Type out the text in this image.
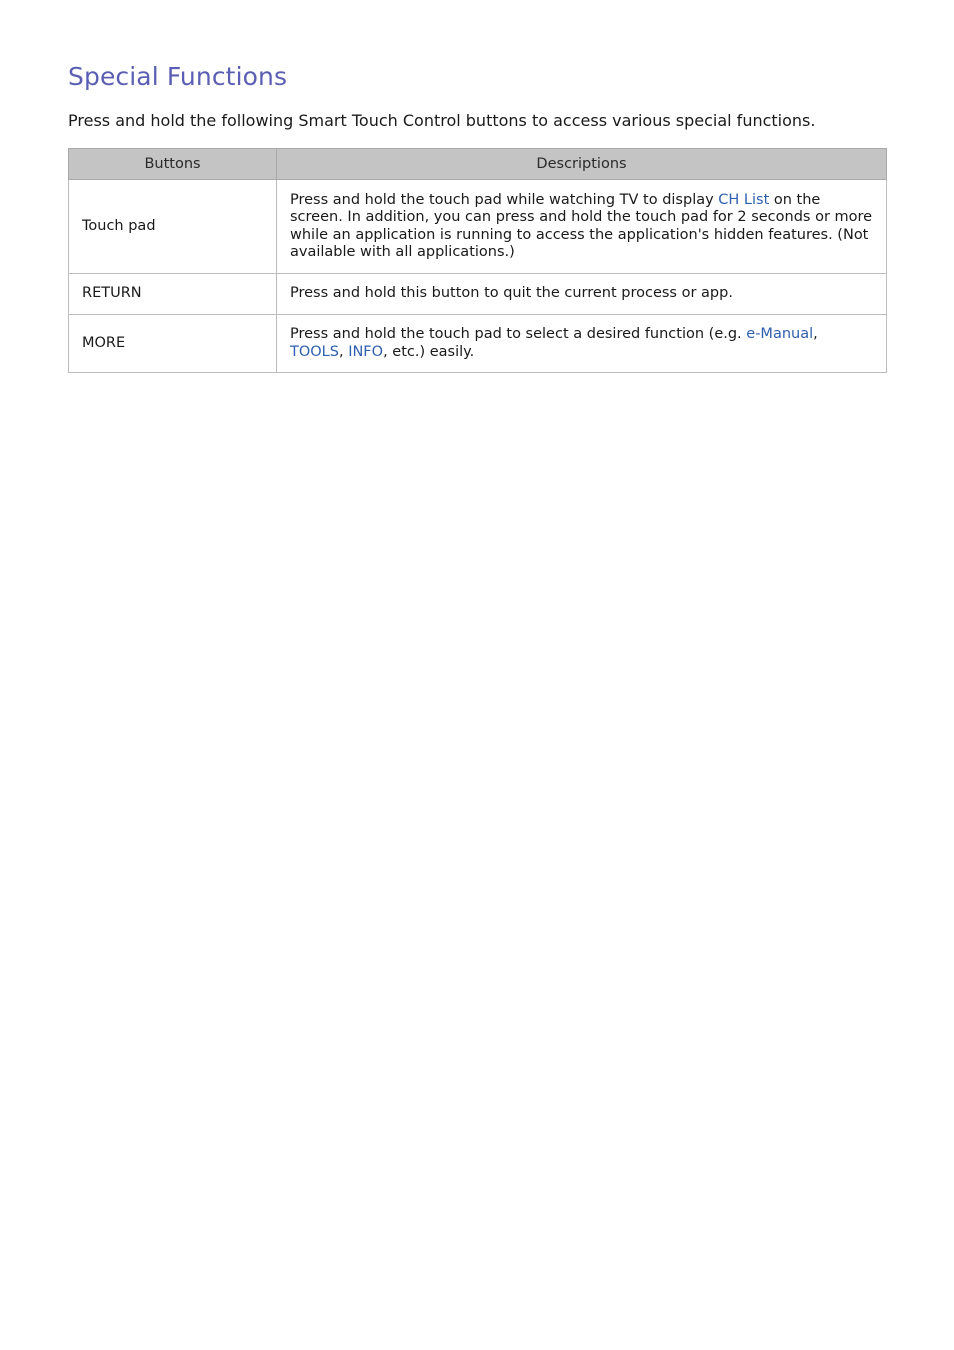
Special Functions

Press and hold the following Smart Touch Control buttons to access various special functions.

Buttons	Descriptions
Touch pad	Press and hold the touch pad while watching TV to display CH List on the screen. In addition, you can press and hold the touch pad for 2 seconds or more while an application is running to access the application's hidden features. (Not available with all applications.)
RETURN	Press and hold this button to quit the current process or app.
MORE	Press and hold the touch pad to select a desired function (e.g. e-Manual,
TOOLS, INFO, etc.) easily.
